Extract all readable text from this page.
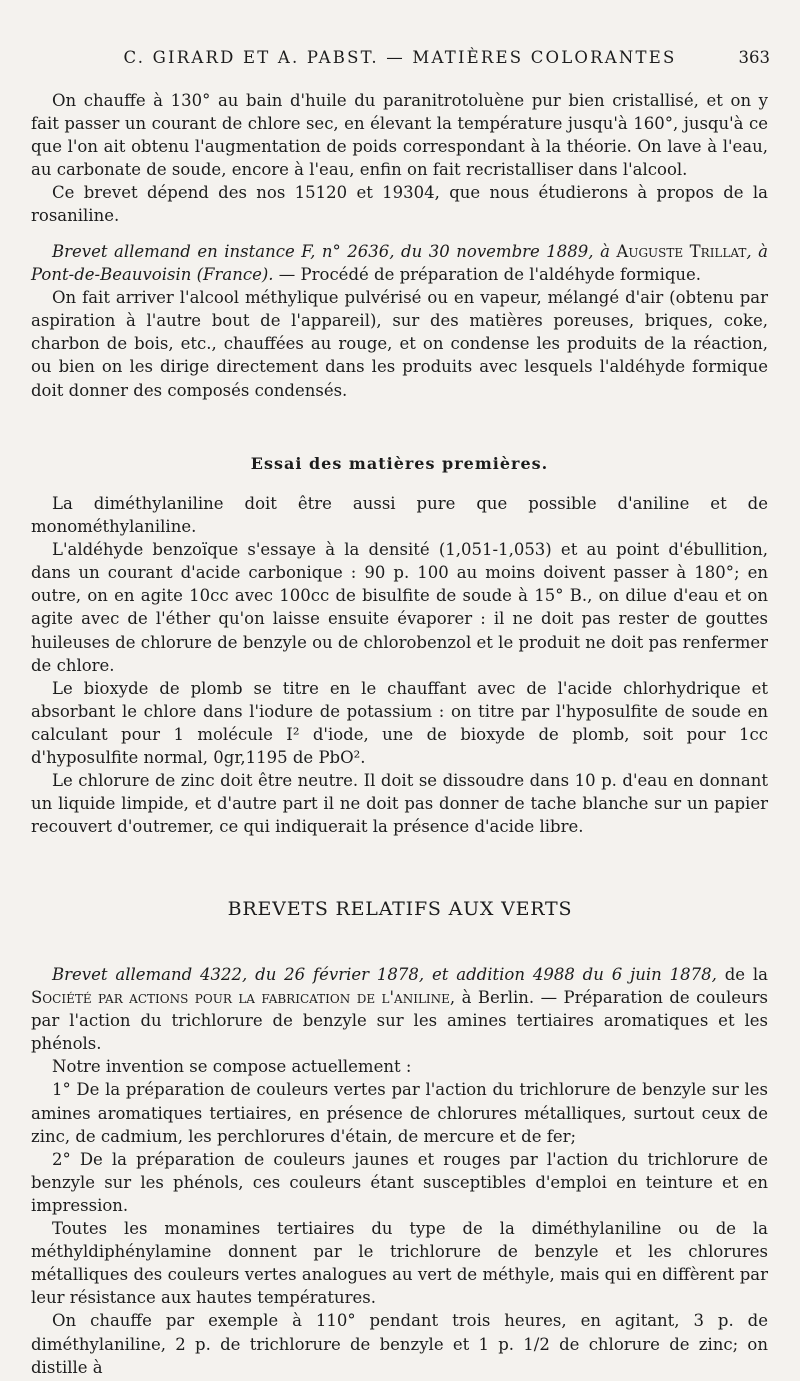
C. GIRARD ET A. PABST. — MATIÈRES COLORANTES	363

On chauffe à 130° au bain d'huile du paranitrotoluène pur bien cristallisé, et on y fait passer un courant de chlore sec, en élevant la température jusqu'à 160°, jusqu'à ce que l'on ait obtenu l'augmentation de poids correspondant à la théorie. On lave à l'eau, au carbonate de soude, encore à l'eau, enfin on fait recristalliser dans l'alcool.

Ce brevet dépend des nos 15120 et 19304, que nous étudierons à propos de la rosaniline.

Brevet allemand en instance F, n° 2636, du 30 novembre 1889, à Auguste Trillat, à Pont-de-Beauvoisin (France). — Procédé de préparation de l'aldéhyde formique.

On fait arriver l'alcool méthylique pulvérisé ou en vapeur, mélangé d'air (obtenu par aspiration à l'autre bout de l'appareil), sur des matières poreuses, briques, coke, charbon de bois, etc., chauffées au rouge, et on condense les produits de la réaction, ou bien on les dirige directement dans les produits avec lesquels l'aldéhyde formique doit donner des composés condensés.

Essai des matières premières.

La diméthylaniline doit être aussi pure que possible d'aniline et de monométhylaniline.

L'aldéhyde benzoïque s'essaye à la densité (1,051-1,053) et au point d'ébullition, dans un courant d'acide carbonique : 90 p. 100 au moins doivent passer à 180°; en outre, on en agite 10cc avec 100cc de bisulfite de soude à 15° B., on dilue d'eau et on agite avec de l'éther qu'on laisse ensuite évaporer : il ne doit pas rester de gouttes huileuses de chlorure de benzyle ou de chlorobenzol et le produit ne doit pas renfermer de chlore.

Le bioxyde de plomb se titre en le chauffant avec de l'acide chlorhydrique et absorbant le chlore dans l'iodure de potassium : on titre par l'hyposulfite de soude en calculant pour 1 molécule I² d'iode, une de bioxyde de plomb, soit pour 1cc d'hyposulfite normal, 0gr,1195 de PbO².

Le chlorure de zinc doit être neutre. Il doit se dissoudre dans 10 p. d'eau en donnant un liquide limpide, et d'autre part il ne doit pas donner de tache blanche sur un papier recouvert d'outremer, ce qui indiquerait la présence d'acide libre.

BREVETS RELATIFS AUX VERTS

Brevet allemand 4322, du 26 février 1878, et addition 4988 du 6 juin 1878, de la Société par actions pour la fabrication de l'aniline, à Berlin. — Préparation de couleurs par l'action du trichlorure de benzyle sur les amines tertiaires aromatiques et les phénols.

Notre invention se compose actuellement :

1° De la préparation de couleurs vertes par l'action du trichlorure de benzyle sur les amines aromatiques tertiaires, en présence de chlorures métalliques, surtout ceux de zinc, de cadmium, les perchlorures d'étain, de mercure et de fer;

2° De la préparation de couleurs jaunes et rouges par l'action du trichlorure de benzyle sur les phénols, ces couleurs étant susceptibles d'emploi en teinture et en impression.

Toutes les monamines tertiaires du type de la diméthylaniline ou de la méthyldiphénylamine donnent par le trichlorure de benzyle et les chlorures métalliques des couleurs vertes analogues au vert de méthyle, mais qui en diffèrent par leur résistance aux hautes températures.

On chauffe par exemple à 110° pendant trois heures, en agitant, 3 p. de diméthylaniline, 2 p. de trichlorure de benzyle et 1 p. 1/2 de chlorure de zinc; on distille à
